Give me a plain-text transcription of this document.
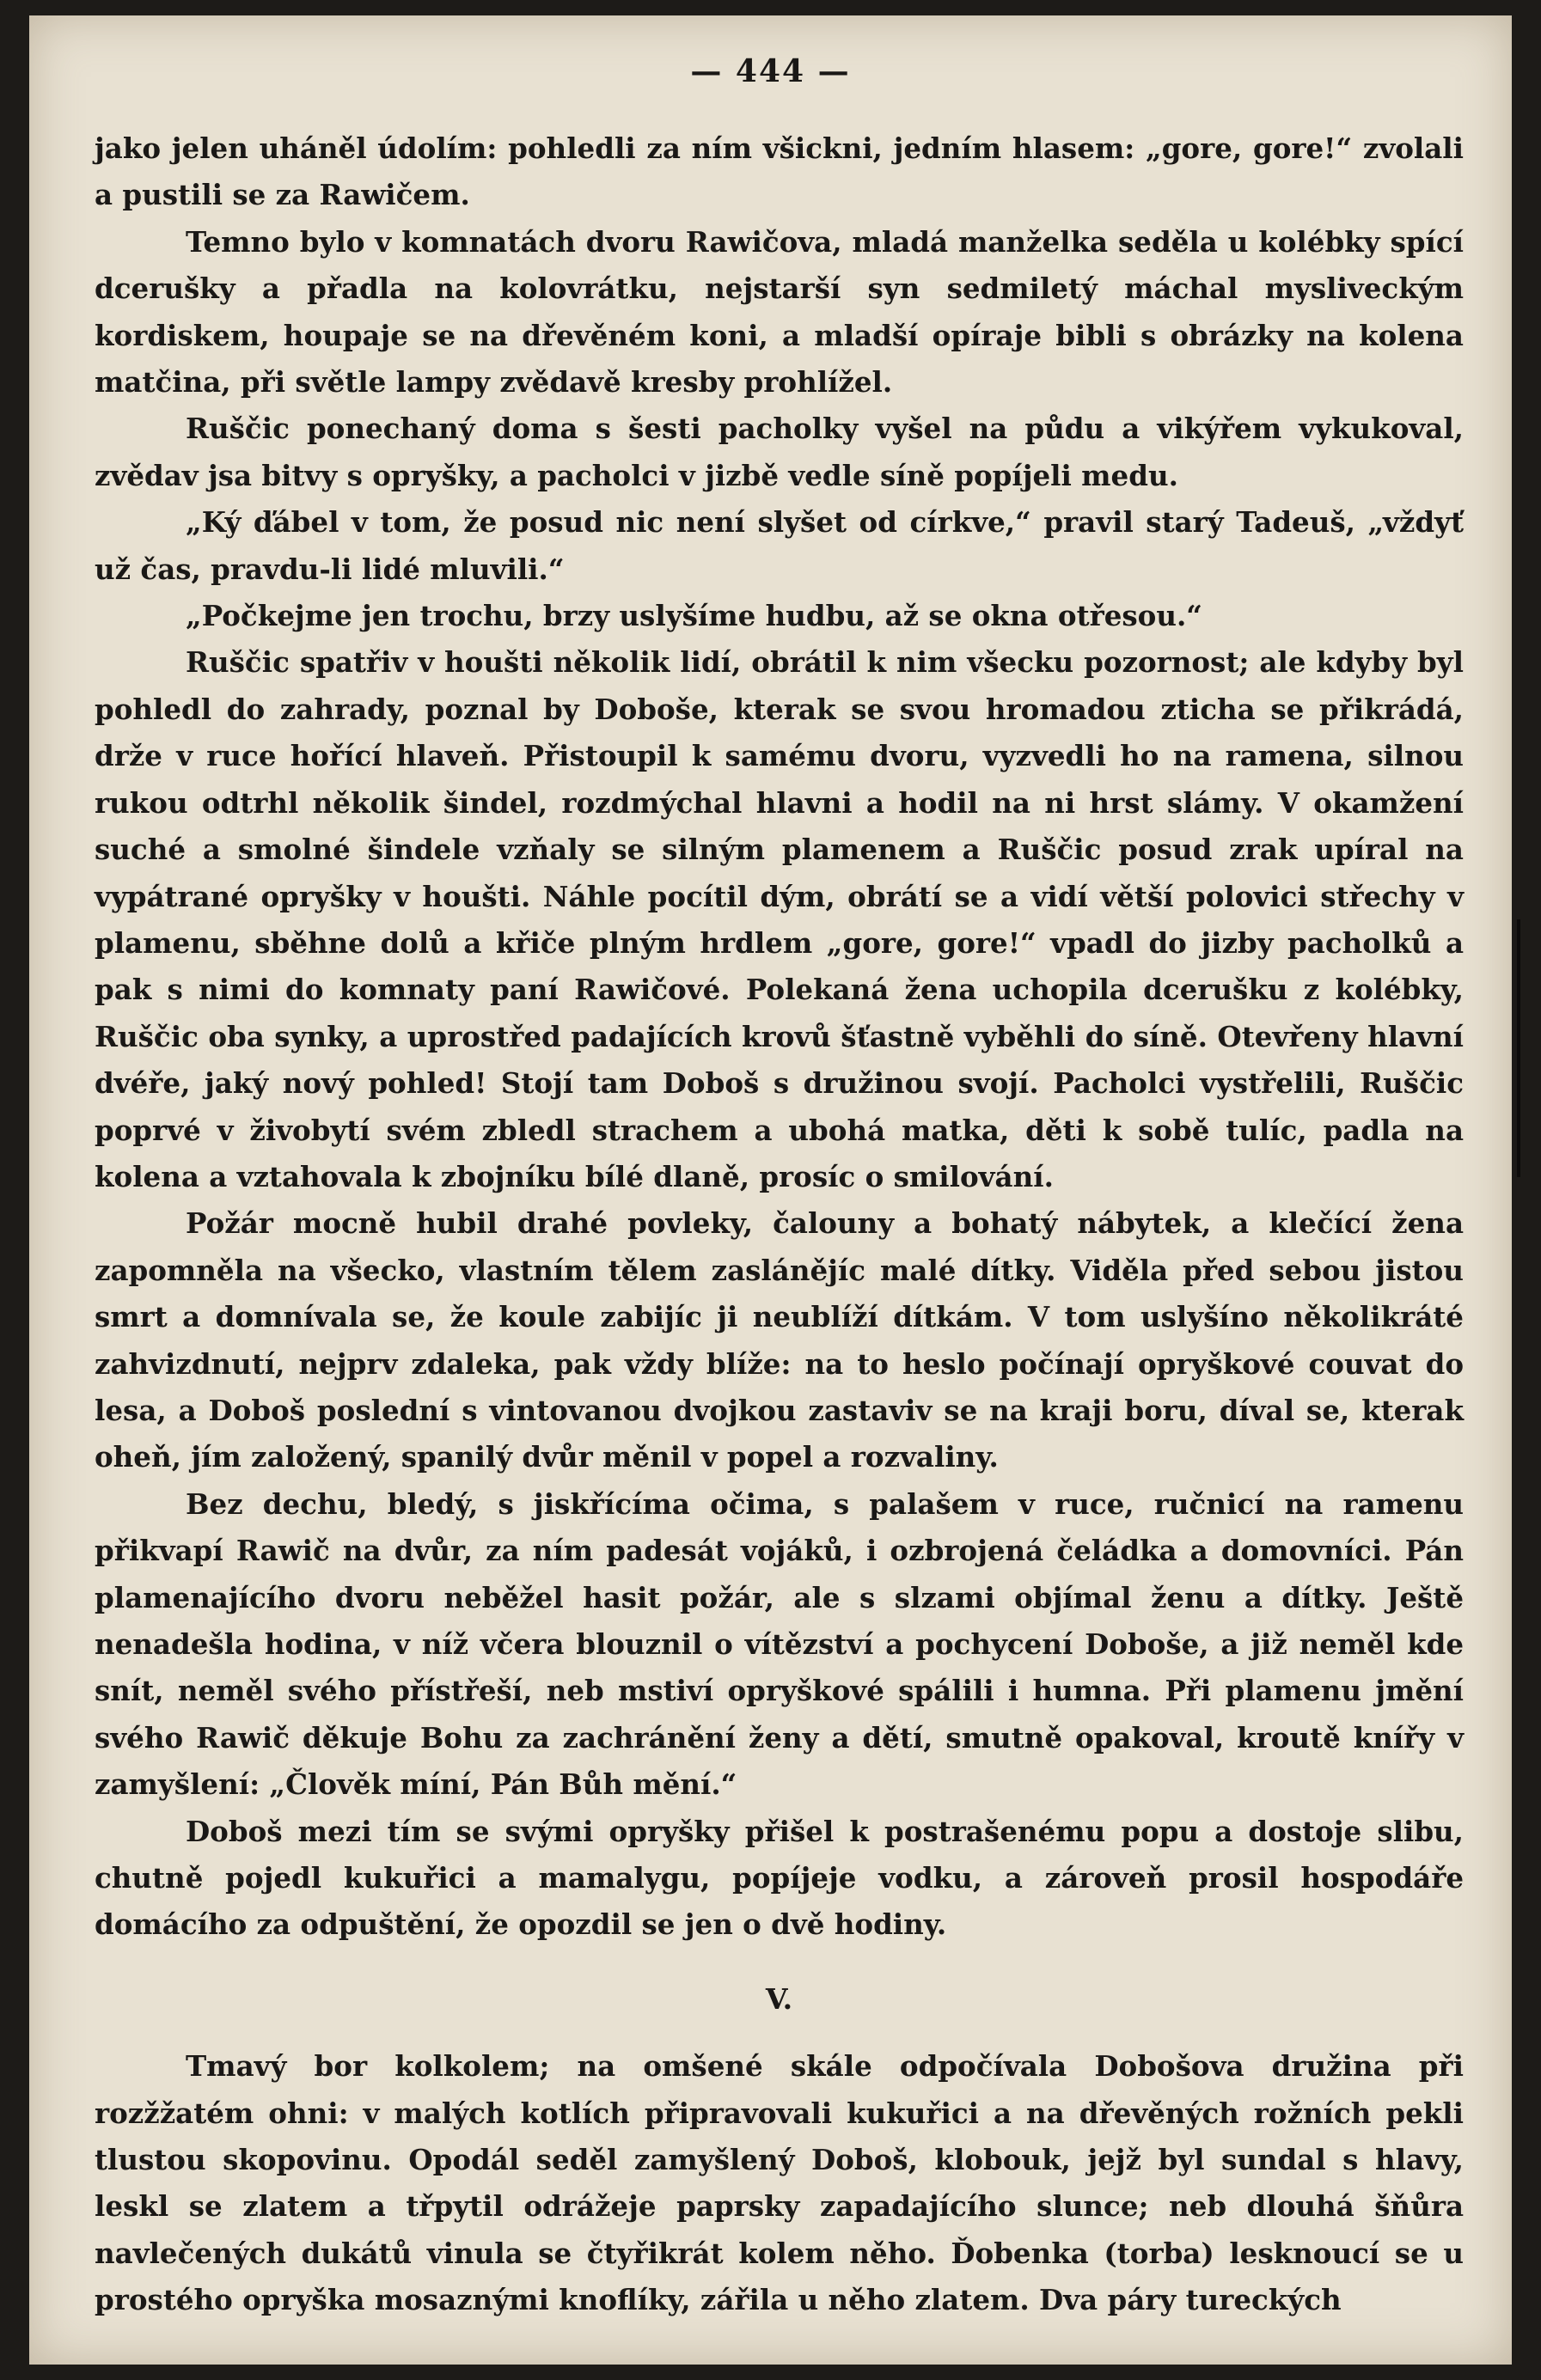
— 444 —

jako jelen uháněl údolím: pohledli za ním všickni, jedním hlasem: „gore, gore!“ zvolali a pustili se za Rawičem.

Temno bylo v komnatách dvoru Rawičova, mladá manželka seděla u kolébky spící dcerušky a přadla na kolovrátku, nejstarší syn sedmiletý máchal mysliveckým kordiskem, houpaje se na dřevěném koni, a mladší opíraje bibli s obrázky na kolena matčina, při světle lampy zvědavě kresby prohlížel.

Ruščic ponechaný doma s šesti pacholky vyšel na půdu a vikýřem vykukoval, zvědav jsa bitvy s opryšky, a pacholci v jizbě vedle síně popíjeli medu.

„Ký ďábel v tom, že posud nic není slyšet od církve,“ pravil starý Tadeuš, „vždyť už čas, pravdu-li lidé mluvili.“

„Počkejme jen trochu, brzy uslyšíme hudbu, až se okna otřesou.“

Ruščic spatřiv v houšti několik lidí, obrátil k nim všecku pozornost; ale kdyby byl pohledl do zahrady, poznal by Doboše, kterak se svou hromadou zticha se přikrádá, drže v ruce hořící hlaveň. Přistoupil k samému dvoru, vyzvedli ho na ramena, silnou rukou odtrhl několik šindel, rozdmýchal hlavni a hodil na ni hrst slámy. V okamžení suché a smolné šindele vzňaly se silným plamenem a Ruščic posud zrak upíral na vypátrané opryšky v houšti. Náhle pocítil dým, obrátí se a vidí větší polovici střechy v plamenu, sběhne dolů a křiče plným hrdlem „gore, gore!“ vpadl do jizby pacholků a pak s nimi do komnaty paní Rawičové. Polekaná žena uchopila dcerušku z kolébky, Ruščic oba synky, a uprostřed padajících krovů šťastně vyběhli do síně. Otevřeny hlavní dvéře, jaký nový pohled! Stojí tam Doboš s družinou svojí. Pacholci vystřelili, Ruščic poprvé v živobytí svém zbledl strachem a ubohá matka, děti k sobě tulíc, padla na kolena a vztahovala k zbojníku bílé dlaně, prosíc o smilování.

Požár mocně hubil drahé povleky, čalouny a bohatý nábytek, a klečící žena zapomněla na všecko, vlastním tělem zaslánějíc malé dítky. Viděla před sebou jistou smrt a domnívala se, že koule zabijíc ji neublíží dítkám. V tom uslyšíno několikráté zahvizdnutí, nejprv zdaleka, pak vždy blíže: na to heslo počínají opryškové couvat do lesa, a Doboš poslední s vintovanou dvojkou zastaviv se na kraji boru, díval se, kterak oheň, jím založený, spanilý dvůr měnil v popel a rozvaliny.

Bez dechu, bledý, s jiskřícíma očima, s palašem v ruce, ručnicí na ramenu přikvapí Rawič na dvůr, za ním padesát vojáků, i ozbrojená čeládka a domovníci. Pán plamenajícího dvoru neběžel hasit požár, ale s slzami objímal ženu a dítky. Ještě nenadešla hodina, v níž včera blouznil o vítězství a pochycení Doboše, a již neměl kde snít, neměl svého přístřeší, neb mstiví opryškové spálili i humna. Při plamenu jmění svého Rawič děkuje Bohu za zachránění ženy a dětí, smutně opakoval, kroutě knířy v zamyšlení: „Člověk míní, Pán Bůh mění.“

Doboš mezi tím se svými opryšky přišel k postrašenému popu a dostoje slibu, chutně pojedl kukuřici a mamalygu, popíjeje vodku, a zároveň prosil hospodáře domácího za odpuštění, že opozdil se jen o dvě hodiny.

V.

Tmavý bor kolkolem; na omšené skále odpočívala Dobošova družina při rozžžatém ohni: v malých kotlích připravovali kukuřici a na dřevěných rožních pekli tlustou skopovinu. Opodál seděl zamyšlený Doboš, klobouk, jejž byl sundal s hlavy, leskl se zlatem a třpytil odrážeje paprsky zapadajícího slunce; neb dlouhá šňůra navlečených dukátů vinula se čtyřikrát kolem něho. Ďobenka (torba) lesknoucí se u prostého opryška mosaznými knoflíky, zářila u něho zlatem. Dva páry tureckých
